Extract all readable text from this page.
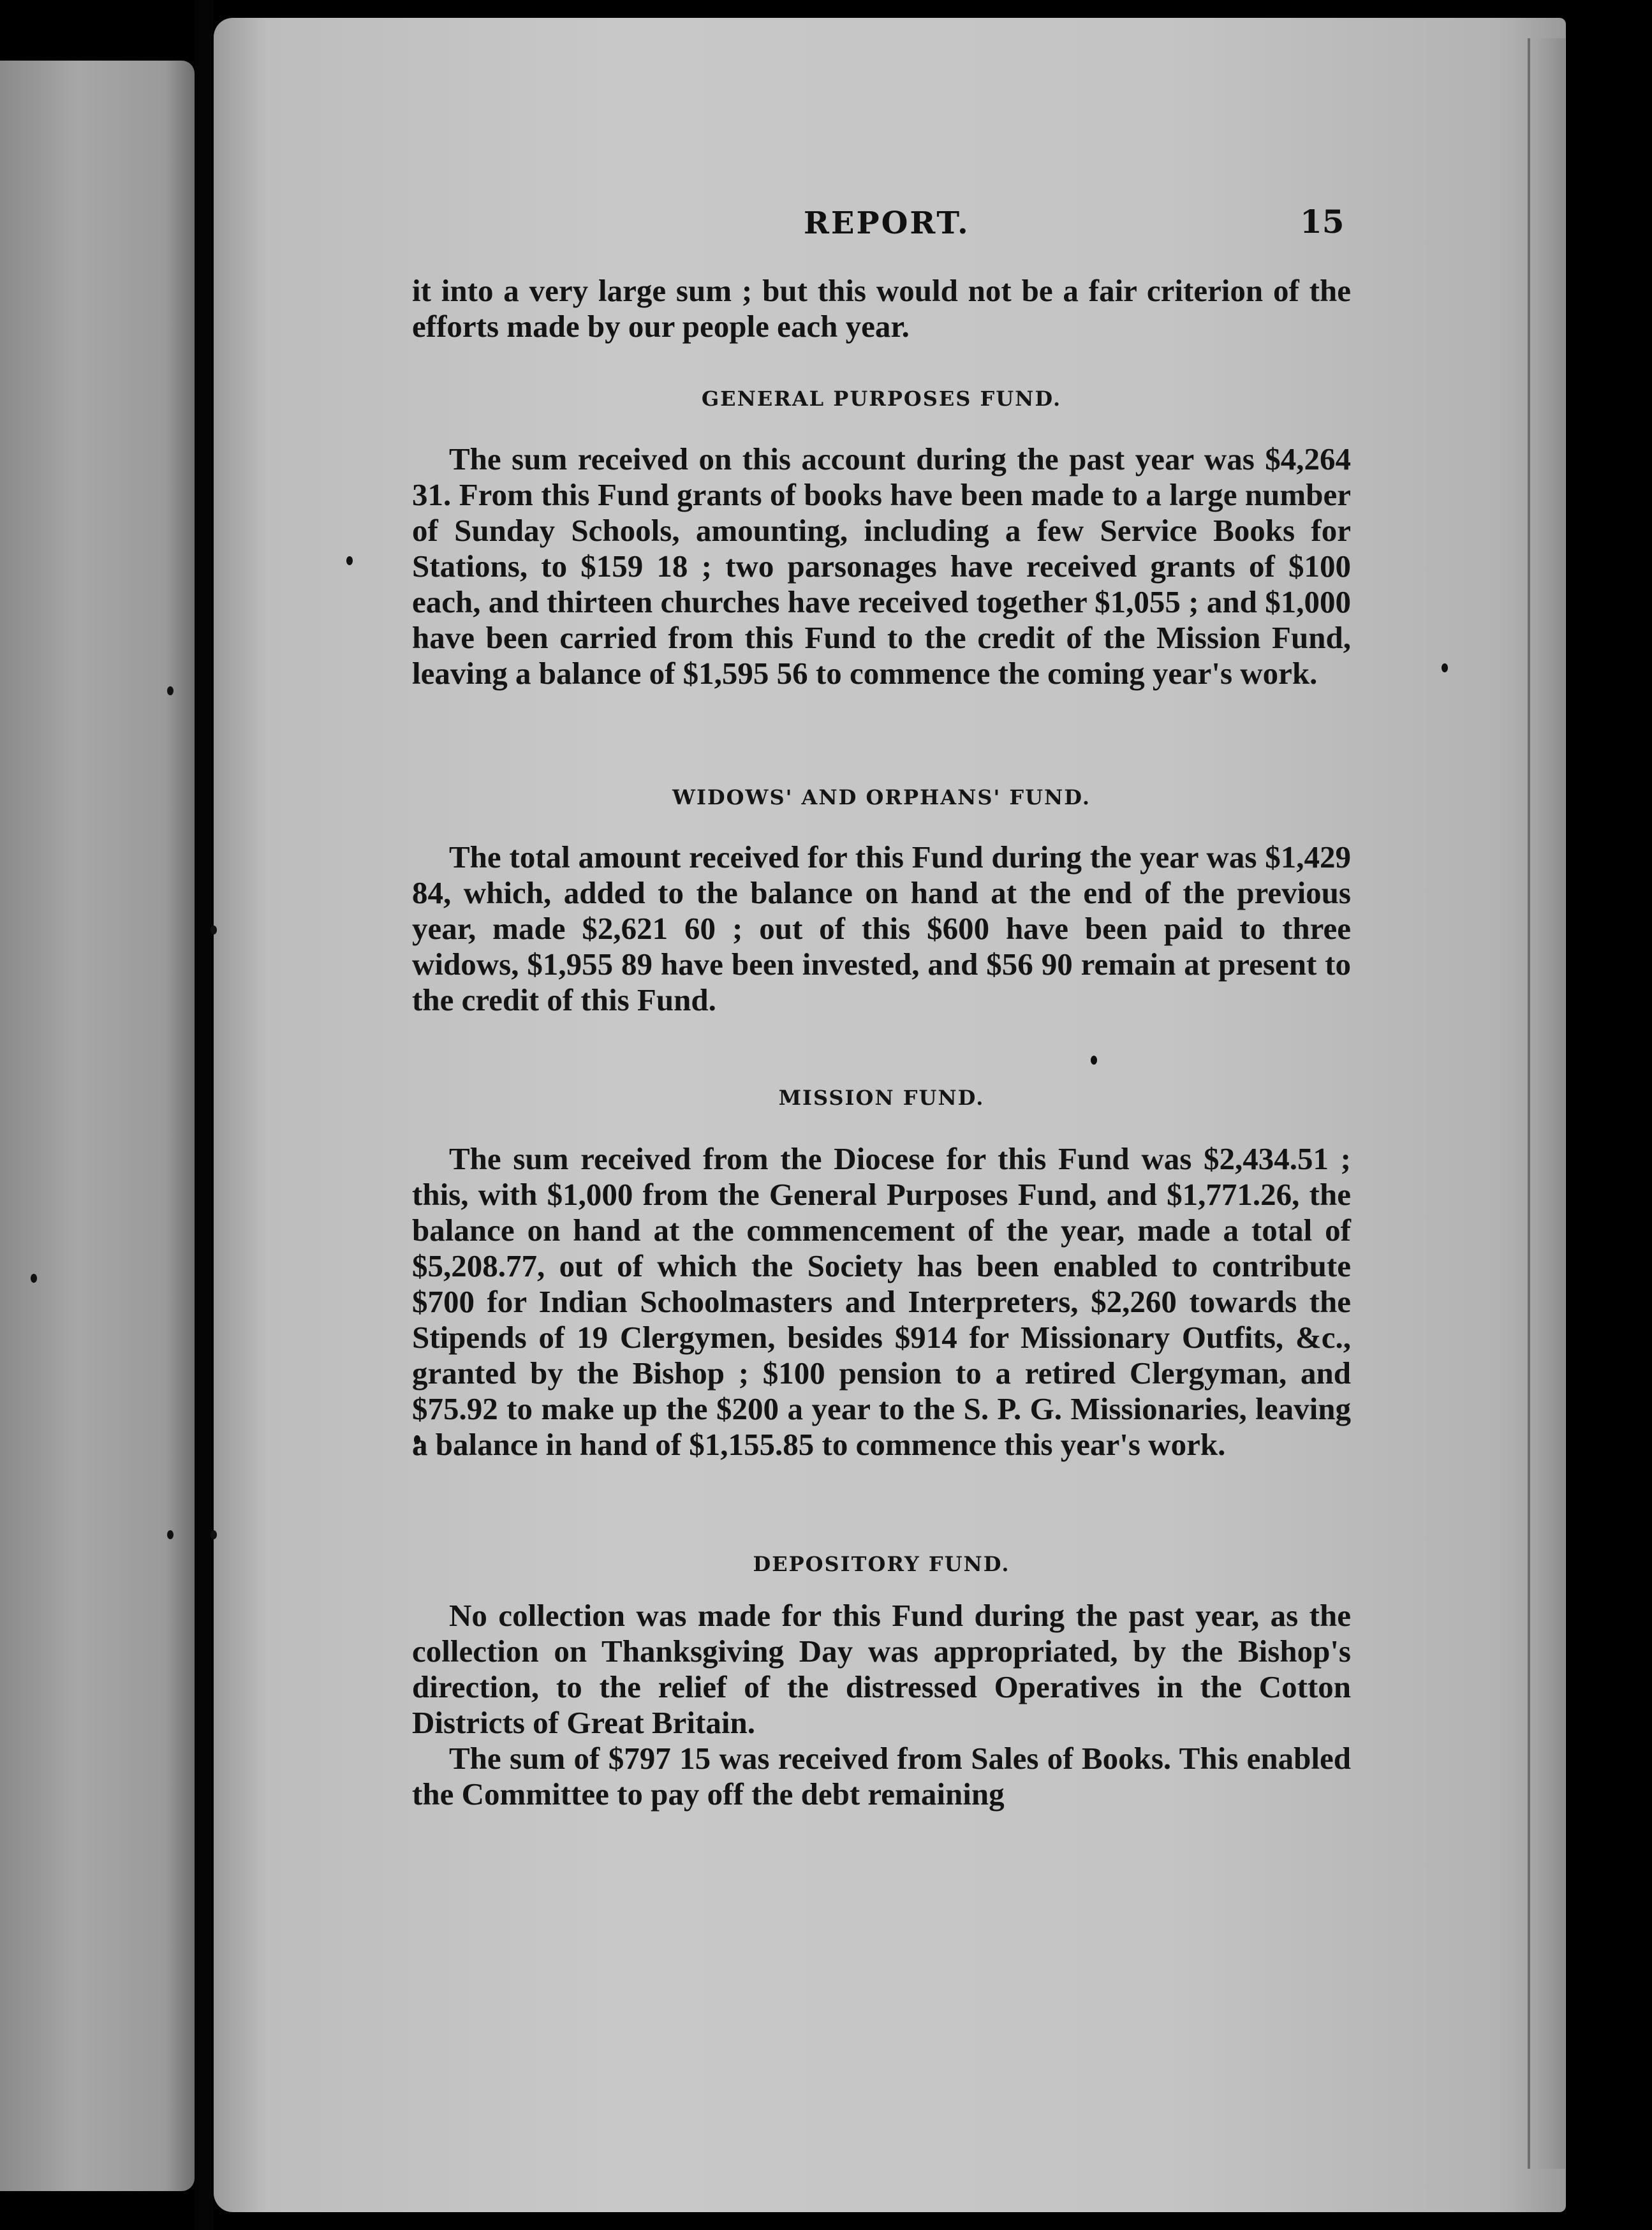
REPORT.	15

it into a very large sum ; but this would not be a fair criterion of the efforts made by our people each year.

GENERAL PURPOSES FUND.

The sum received on this account during the past year was $4,264 31. From this Fund grants of books have been made to a large number of Sunday Schools, amounting, including a few Service Books for Stations, to $159 18 ; two parsonages have received grants of $100 each, and thirteen churches have received together $1,055 ; and $1,000 have been carried from this Fund to the credit of the Mission Fund, leaving a balance of $1,595 56 to commence the coming year's work.

WIDOWS' AND ORPHANS' FUND.

The total amount received for this Fund during the year was $1,429 84, which, added to the balance on hand at the end of the previous year, made $2,621 60 ; out of this $600 have been paid to three widows, $1,955 89 have been invested, and $56 90 remain at present to the credit of this Fund.

MISSION FUND.

The sum received from the Diocese for this Fund was $2,434.51 ; this, with $1,000 from the General Purposes Fund, and $1,771.26, the balance on hand at the commencement of the year, made a total of $5,208.77, out of which the Society has been enabled to contribute $700 for Indian Schoolmasters and Interpreters, $2,260 towards the Stipends of 19 Clergymen, besides $914 for Missionary Outfits, &c., granted by the Bishop ; $100 pension to a retired Clergyman, and $75.92 to make up the $200 a year to the S. P. G. Missionaries, leaving a balance in hand of $1,155.85 to commence this year's work.

DEPOSITORY FUND.

No collection was made for this Fund during the past year, as the collection on Thanksgiving Day was appropriated, by the Bishop's direction, to the relief of the distressed Operatives in the Cotton Districts of Great Britain.

The sum of $797 15 was received from Sales of Books. This enabled the Committee to pay off the debt remaining
